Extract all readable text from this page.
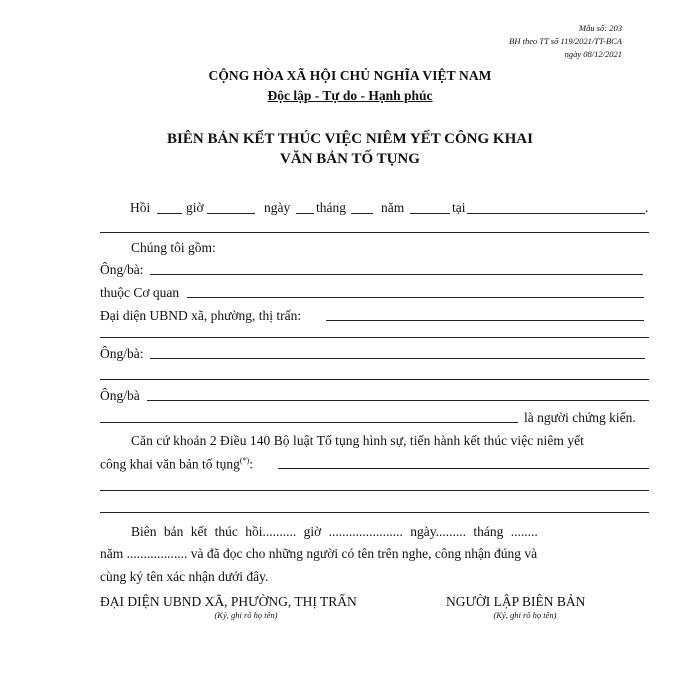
Mẫu số: 203
BH theo TT số 119/2021/TT-BCA
ngày 08/12/2021
CỘNG HÒA XÃ HỘI CHỦ NGHĨA VIỆT NAM
Độc lập - Tự do - Hạnh phúc
BIÊN BẢN KẾT THÚC VIỆC NIÊM YẾT CÔNG KHAI
VĂN BẢN TỐ TỤNG
Hồi	giờ	ngày tháng	năm	tại	.
Chúng tôi gồm:
Ông/bà:
thuộc Cơ quan
Đại diện UBND xã, phường, thị trấn:
Ông/bà:
Ông/bà
là người chứng kiến.
Căn cứ khoản 2 Điều 140 Bộ luật Tố tụng hình sự, tiến hành kết thúc việc niêm yết
công khai văn bản tố tụng(*):
Biên bản kết thúc hồi.......... giờ ...................... ngày......... tháng ........
năm .................. và đã đọc cho những người có tên trên nghe, công nhận đúng và
cùng ký tên xác nhận dưới đây.
ĐẠI DIỆN UBND XÃ, PHƯỜNG, THỊ TRẤN
(Ký, ghi rõ họ tên)
NGƯỜI LẬP BIÊN BẢN
(Ký, ghi rõ họ tên)
